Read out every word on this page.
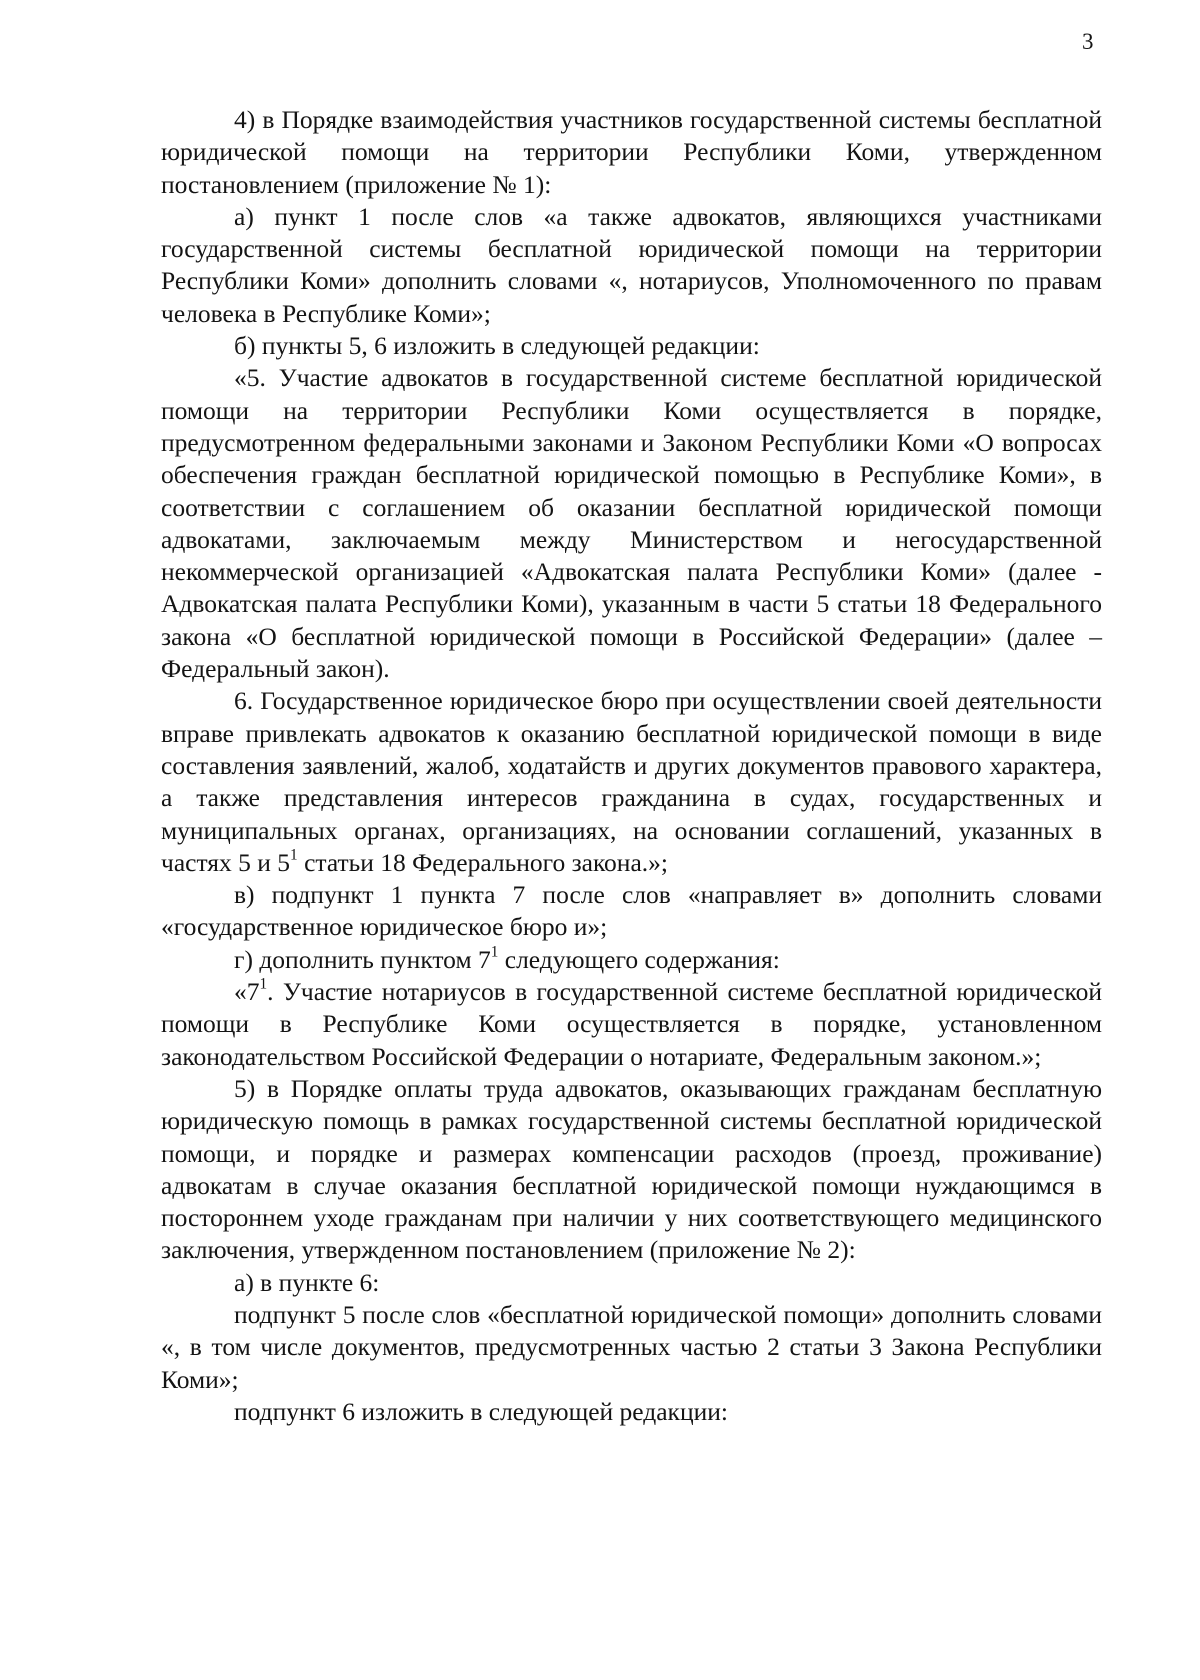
3

4) в Порядке взаимодействия участников государственной системы бесплатной юридической помощи на территории Республики Коми, утвержденном постановлением (приложение № 1):

а) пункт 1 после слов «а также адвокатов, являющихся участниками государственной системы бесплатной юридической помощи на территории Республики Коми» дополнить словами «, нотариусов, Уполномоченного по правам человека в Республике Коми»;

б) пункты 5, 6 изложить в следующей редакции:

«5. Участие адвокатов в государственной системе бесплатной юридической помощи на территории Республики Коми осуществляется в порядке, предусмотренном федеральными законами и Законом Республики Коми «О вопросах обеспечения граждан бесплатной юридической помощью в Республике Коми», в соответствии с соглашением об оказании бесплатной юридической помощи адвокатами, заключаемым между Министерством и негосударственной некоммерческой организацией «Адвокатская палата Республики Коми» (далее - Адвокатская палата Республики Коми), указанным в части 5 статьи 18 Федерального закона «О бесплатной юридической помощи в Российской Федерации» (далее – Федеральный закон).

6. Государственное юридическое бюро при осуществлении своей деятельности вправе привлекать адвокатов к оказанию бесплатной юридической помощи в виде составления заявлений, жалоб, ходатайств и других документов правового характера, а также представления интересов гражданина в судах, государственных и муниципальных органах, организациях, на основании соглашений, указанных в частях 5 и $5^1$ статьи 18 Федерального закона.»;

в) подпункт 1 пункта 7 после слов «направляет в» дополнить словами «государственное юридическое бюро и»;

г) дополнить пунктом $7^1$ следующего содержания:

«$7^1$. Участие нотариусов в государственной системе бесплатной юридической помощи в Республике Коми осуществляется в порядке, установленном законодательством Российской Федерации о нотариате, Федеральным законом.»;

5) в Порядке оплаты труда адвокатов, оказывающих гражданам бесплатную юридическую помощь в рамках государственной системы бесплатной юридической помощи, и порядке и размерах компенсации расходов (проезд, проживание) адвокатам в случае оказания бесплатной юридической помощи нуждающимся в постороннем уходе гражданам при наличии у них соответствующего медицинского заключения, утвержденном постановлением (приложение № 2):

а) в пункте 6:

подпункт 5 после слов «бесплатной юридической помощи» дополнить словами «, в том числе документов, предусмотренных частью 2 статьи 3 Закона Республики Коми»;

подпункт 6 изложить в следующей редакции:
